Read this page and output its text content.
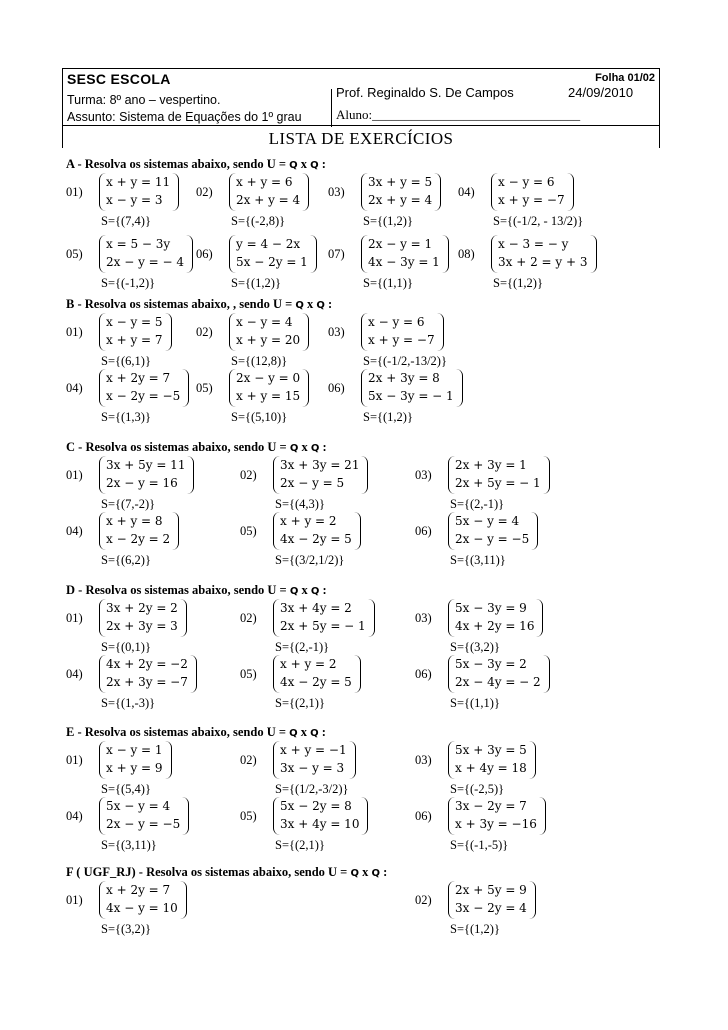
SESC ESCOLA	Folha 01/02
Turma: 8º ano – vespertino.
Assunto: Sistema de Equações do 1º grau
Prof. Reginaldo S. De Campos	24/09/2010
Aluno:________________________________
LISTA DE EXERCÍCIOS
A - Resolva os sistemas abaixo, sendo U = Q x Q :
01)
x + y = 11
x − y = 3
S={(7,4)}
02)
x + y = 6
2x + y = 4
S={(-2,8)}
03)
3x + y = 5
2x + y = 4
S={(1,2)}
04)
x − y = 6
x + y = −7
S={(-1/2, - 13/2)}
05)
x = 5 − 3y
2x − y = − 4
S={(-1,2)}
06)
y = 4 − 2x
5x − 2y = 1
S={(1,2)}
07)
2x − y = 1
4x − 3y = 1
S={(1,1)}
08)
x − 3 = − y
3x + 2 = y + 3
S={(1,2)}
B - Resolva os sistemas abaixo, , sendo U = Q x Q :
01)
x − y = 5
x + y = 7
S={(6,1)}
02)
x − y = 4
x + y = 20
S={(12,8)}
03)
x − y = 6
x + y = −7
S={(-1/2,-13/2)}
04)
x + 2y = 7
x − 2y = −5
S={(1,3)}
05)
2x − y = 0
x + y = 15
S={(5,10)}
06)
2x + 3y = 8
5x − 3y = − 1
S={(1,2)}
C - Resolva os sistemas abaixo, sendo U = Q x Q :
01)
3x + 5y = 11
2x − y = 16
S={(7,-2)}
02)
3x + 3y = 21
2x − y = 5
S={(4,3)}
03)
2x + 3y = 1
2x + 5y = − 1
S={(2,-1)}
04)
x + y = 8
x − 2y = 2
S={(6,2)}
05)
x + y = 2
4x − 2y = 5
S={(3/2,1/2)}
06)
5x − y = 4
2x − y = −5
S={(3,11)}
D - Resolva os sistemas abaixo, sendo U = Q x Q :
01)
3x + 2y = 2
2x + 3y = 3
S={(0,1)}
02)
3x + 4y = 2
2x + 5y = − 1
S={(2,-1)}
03)
5x − 3y = 9
4x + 2y = 16
S={(3,2)}
04)
4x + 2y = −2
2x + 3y = −7
S={(1,-3)}
05)
x + y = 2
4x − 2y = 5
S={(2,1)}
06)
5x − 3y = 2
2x − 4y = − 2
S={(1,1)}
E - Resolva os sistemas abaixo, sendo U = Q x Q :
01)
x − y = 1
x + y = 9
S={(5,4)}
02)
x + y = −1
3x − y = 3
S={(1/2,-3/2)}
03)
5x + 3y = 5
x + 4y = 18
S={(-2,5)}
04)
5x − y = 4
2x − y = −5
S={(3,11)}
05)
5x − 2y = 8
3x + 4y = 10
S={(2,1)}
06)
3x − 2y = 7
x + 3y = −16
S={(-1,-5)}
F ( UGF_RJ) - Resolva os sistemas abaixo, sendo U = Q x Q :
01)
x + 2y = 7
4x − y = 10
S={(3,2)}
02)
2x + 5y = 9
3x − 2y = 4
S={(1,2)}
